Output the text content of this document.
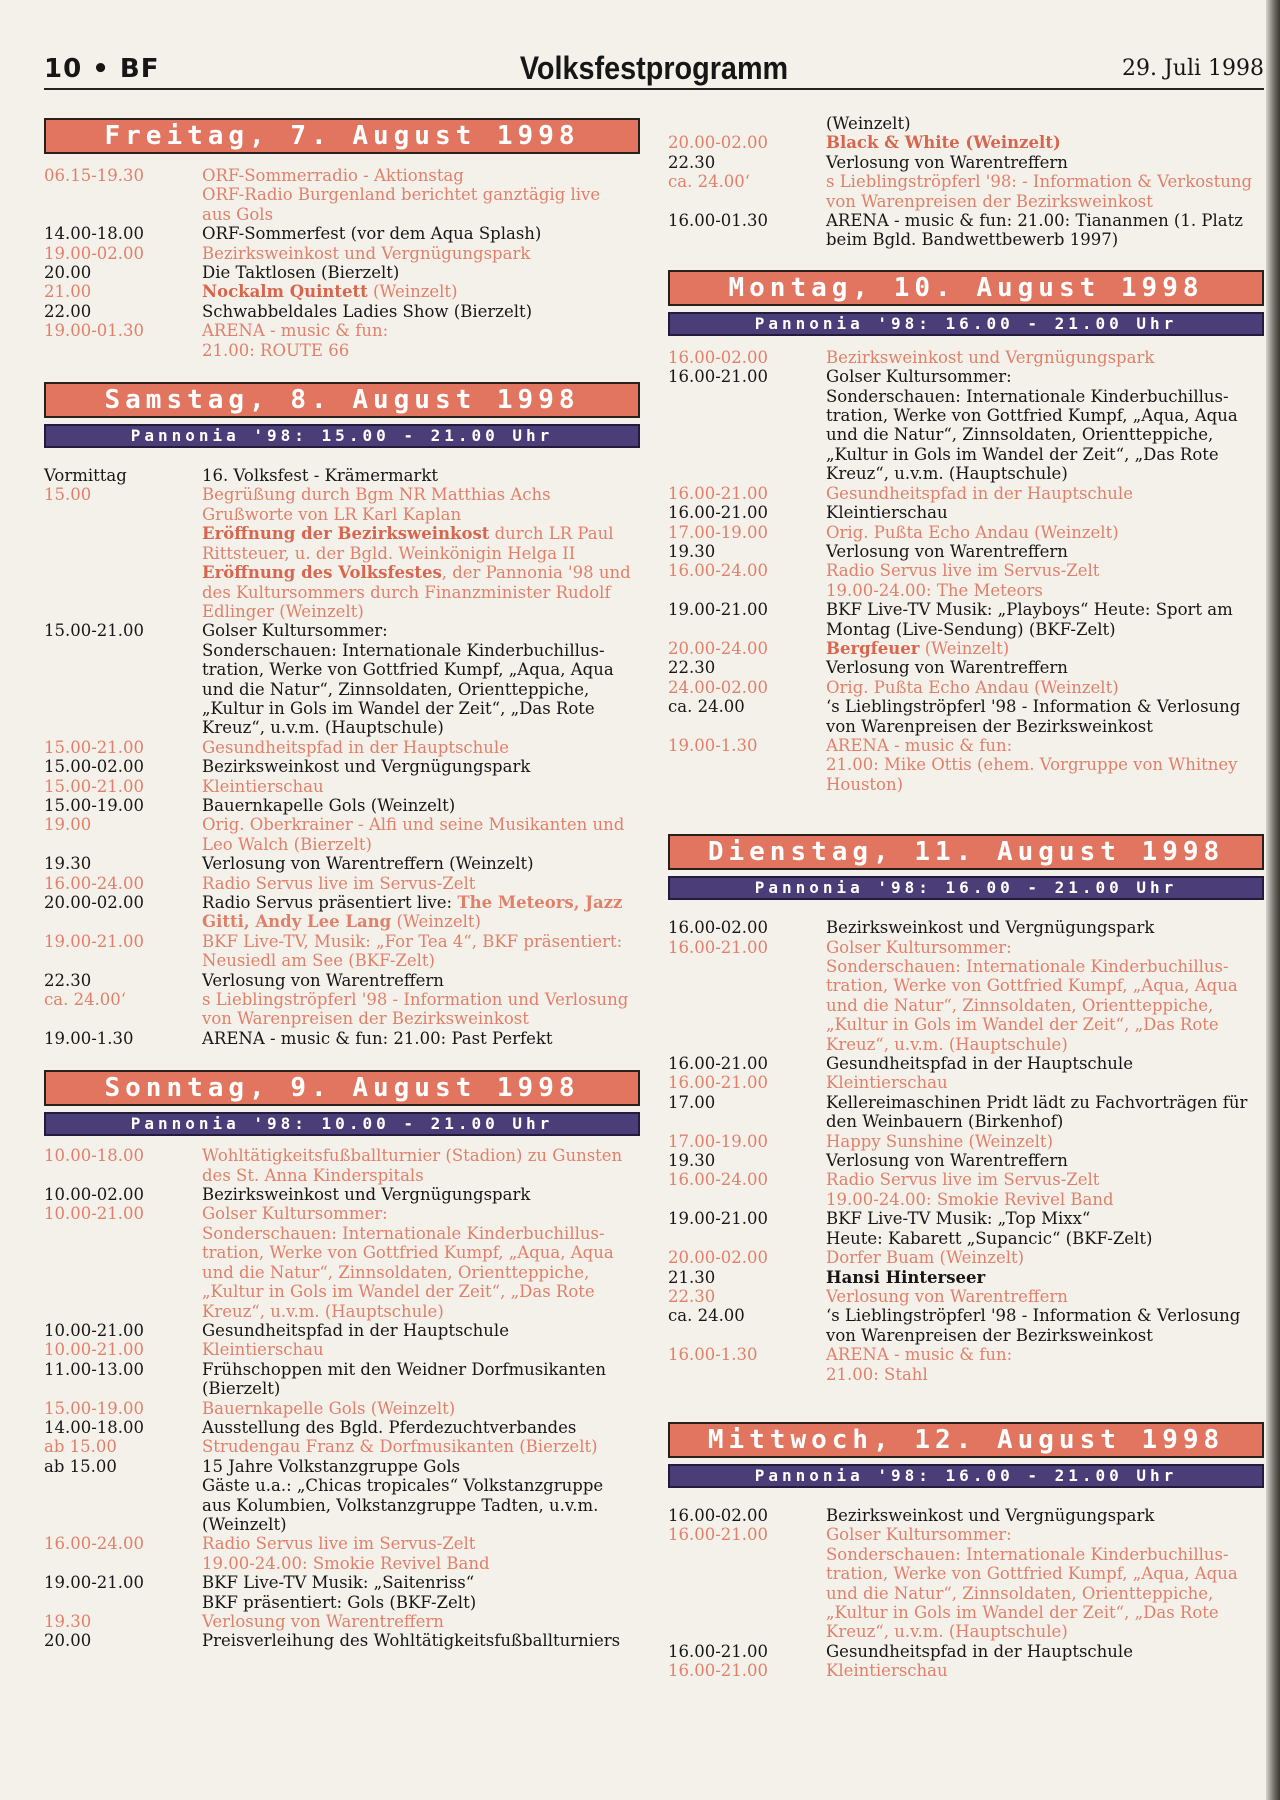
10 • BF	Volksfestprogramm	29. Juli 1998
Freitag, 7. August 1998
06.15-19.30	ORF-Sommerradio - Aktionstag
ORF-Radio Burgenland berichtet ganztägig live
aus Gols
14.00-18.00	ORF-Sommerfest (vor dem Aqua Splash)
19.00-02.00	Bezirksweinkost und Vergnügungspark
20.00	Die Taktlosen (Bierzelt)
21.00	Nockalm Quintett (Weinzelt)
22.00	Schwabbeldales Ladies Show (Bierzelt)
19.00-01.30	ARENA - music & fun:
21.00: ROUTE 66
Samstag, 8. August 1998
Pannonia '98: 15.00 - 21.00 Uhr
Vormittag	16. Volksfest - Krämermarkt
15.00	Begrüßung durch Bgm NR Matthias Achs
Grußworte von LR Karl Kaplan
Eröffnung der Bezirksweinkost durch LR Paul
Rittsteuer, u. der Bgld. Weinkönigin Helga II
Eröffnung des Volksfestes, der Pannonia '98 und
des Kultursommers durch Finanzminister Rudolf
Edlinger (Weinzelt)
15.00-21.00	Golser Kultursommer:
Sonderschauen: Internationale Kinderbuchillus-
tration, Werke von Gottfried Kumpf, „Aqua, Aqua
und die Natur“, Zinnsoldaten, Orientteppiche,
„Kultur in Gols im Wandel der Zeit“, „Das Rote
Kreuz“, u.v.m. (Hauptschule)
15.00-21.00	Gesundheitspfad in der Hauptschule
15.00-02.00	Bezirksweinkost und Vergnügungspark
15.00-21.00	Kleintierschau
15.00-19.00	Bauernkapelle Gols (Weinzelt)
19.00	Orig. Oberkrainer - Alfi und seine Musikanten und
Leo Walch (Bierzelt)
19.30	Verlosung von Warentreffern (Weinzelt)
16.00-24.00	Radio Servus live im Servus-Zelt
20.00-02.00	Radio Servus präsentiert live: The Meteors, Jazz
Gitti, Andy Lee Lang (Weinzelt)
19.00-21.00	BKF Live-TV, Musik: „For Tea 4“, BKF präsentiert:
Neusiedl am See (BKF-Zelt)
22.30	Verlosung von Warentreffern
ca. 24.00‘	s Lieblingströpferl '98 - Information und Verlosung
von Warenpreisen der Bezirksweinkost
19.00-1.30	ARENA - music & fun: 21.00: Past Perfekt
Sonntag, 9. August 1998
Pannonia '98: 10.00 - 21.00 Uhr
10.00-18.00	Wohltätigkeitsfußballturnier (Stadion) zu Gunsten
des St. Anna Kinderspitals
10.00-02.00	Bezirksweinkost und Vergnügungspark
10.00-21.00	Golser Kultursommer:
Sonderschauen: Internationale Kinderbuchillus-
tration, Werke von Gottfried Kumpf, „Aqua, Aqua
und die Natur“, Zinnsoldaten, Orientteppiche,
„Kultur in Gols im Wandel der Zeit“, „Das Rote
Kreuz“, u.v.m. (Hauptschule)
10.00-21.00	Gesundheitspfad in der Hauptschule
10.00-21.00	Kleintierschau
11.00-13.00	Frühschoppen mit den Weidner Dorfmusikanten
(Bierzelt)
15.00-19.00	Bauernkapelle Gols (Weinzelt)
14.00-18.00	Ausstellung des Bgld. Pferdezuchtverbandes
ab 15.00	Strudengau Franz & Dorfmusikanten (Bierzelt)
ab 15.00	15 Jahre Volkstanzgruppe Gols
Gäste u.a.: „Chicas tropicales“ Volkstanzgruppe
aus Kolumbien, Volkstanzgruppe Tadten, u.v.m.
(Weinzelt)
16.00-24.00	Radio Servus live im Servus-Zelt
19.00-24.00: Smokie Revivel Band
19.00-21.00	BKF Live-TV Musik: „Saitenriss“
BKF präsentiert: Gols (BKF-Zelt)
19.30	Verlosung von Warentreffern
20.00	Preisverleihung des Wohltätigkeitsfußballturniers
(Weinzelt)
20.00-02.00	Black & White (Weinzelt)
22.30	Verlosung von Warentreffern
ca. 24.00‘	s Lieblingströpferl '98: - Information & Verkostung
von Warenpreisen der Bezirksweinkost
16.00-01.30	ARENA - music & fun: 21.00: Tiananmen (1. Platz
beim Bgld. Bandwettbewerb 1997)
Montag, 10. August 1998
Pannonia '98: 16.00 - 21.00 Uhr
16.00-02.00	Bezirksweinkost und Vergnügungspark
16.00-21.00	Golser Kultursommer:
Sonderschauen: Internationale Kinderbuchillus-
tration, Werke von Gottfried Kumpf, „Aqua, Aqua
und die Natur“, Zinnsoldaten, Orientteppiche,
„Kultur in Gols im Wandel der Zeit“, „Das Rote
Kreuz“, u.v.m. (Hauptschule)
16.00-21.00	Gesundheitspfad in der Hauptschule
16.00-21.00	Kleintierschau
17.00-19.00	Orig. Pußta Echo Andau (Weinzelt)
19.30	Verlosung von Warentreffern
16.00-24.00	Radio Servus live im Servus-Zelt
19.00-24.00: The Meteors
19.00-21.00	BKF Live-TV Musik: „Playboys“ Heute: Sport am
Montag (Live-Sendung) (BKF-Zelt)
20.00-24.00	Bergfeuer (Weinzelt)
22.30	Verlosung von Warentreffern
24.00-02.00	Orig. Pußta Echo Andau (Weinzelt)
ca. 24.00	‘s Lieblingströpferl '98 - Information & Verlosung
von Warenpreisen der Bezirksweinkost
19.00-1.30	ARENA - music & fun:
21.00: Mike Ottis (ehem. Vorgruppe von Whitney
Houston)
Dienstag, 11. August 1998
Pannonia '98: 16.00 - 21.00 Uhr
16.00-02.00	Bezirksweinkost und Vergnügungspark
16.00-21.00	Golser Kultursommer:
Sonderschauen: Internationale Kinderbuchillus-
tration, Werke von Gottfried Kumpf, „Aqua, Aqua
und die Natur“, Zinnsoldaten, Orientteppiche,
„Kultur in Gols im Wandel der Zeit“, „Das Rote
Kreuz“, u.v.m. (Hauptschule)
16.00-21.00	Gesundheitspfad in der Hauptschule
16.00-21.00	Kleintierschau
17.00	Kellereimaschinen Pridt lädt zu Fachvorträgen für
den Weinbauern (Birkenhof)
17.00-19.00	Happy Sunshine (Weinzelt)
19.30	Verlosung von Warentreffern
16.00-24.00	Radio Servus live im Servus-Zelt
19.00-24.00: Smokie Revivel Band
19.00-21.00	BKF Live-TV Musik: „Top Mixx“
Heute: Kabarett „Supancic“ (BKF-Zelt)
20.00-02.00	Dorfer Buam (Weinzelt)
21.30	Hansi Hinterseer
22.30	Verlosung von Warentreffern
ca. 24.00	‘s Lieblingströpferl '98 - Information & Verlosung
von Warenpreisen der Bezirksweinkost
16.00-1.30	ARENA - music & fun:
21.00: Stahl
Mittwoch, 12. August 1998
Pannonia '98: 16.00 - 21.00 Uhr
16.00-02.00	Bezirksweinkost und Vergnügungspark
16.00-21.00	Golser Kultursommer:
Sonderschauen: Internationale Kinderbuchillus-
tration, Werke von Gottfried Kumpf, „Aqua, Aqua
und die Natur“, Zinnsoldaten, Orientteppiche,
„Kultur in Gols im Wandel der Zeit“, „Das Rote
Kreuz“, u.v.m. (Hauptschule)
16.00-21.00	Gesundheitspfad in der Hauptschule
16.00-21.00	Kleintierschau
